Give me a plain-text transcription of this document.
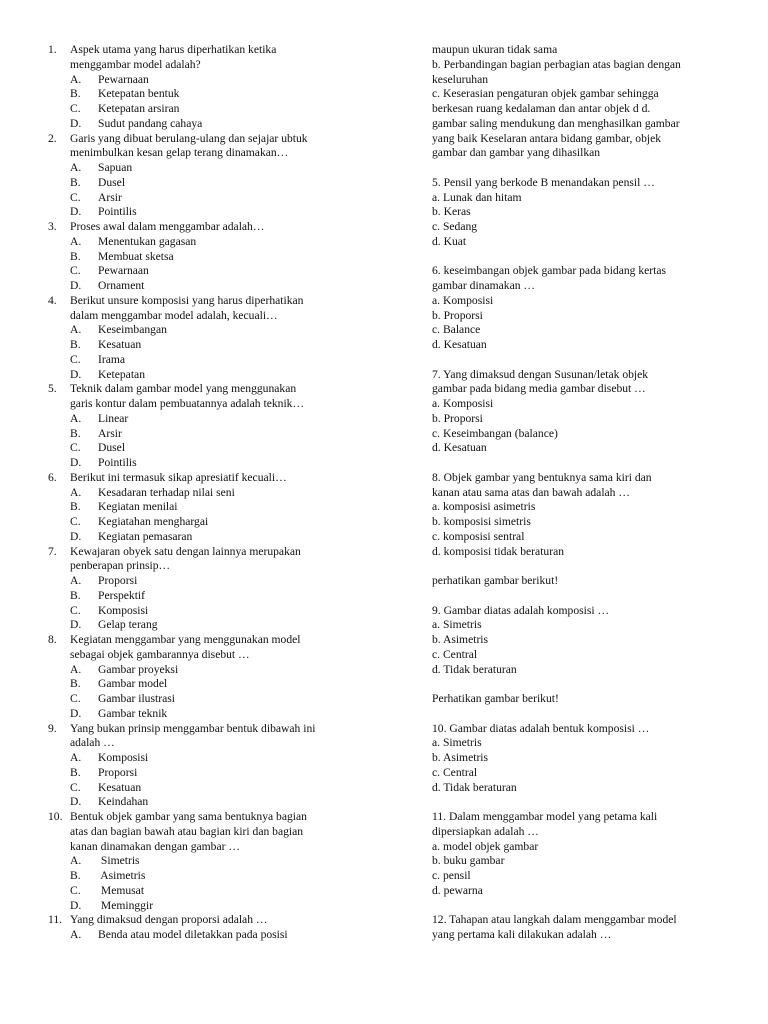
1.	Aspek utama yang harus diperhatikan ketika
menggambar model adalah?
A.	Pewarnaan
B.	Ketepatan bentuk
C.	Ketepatan arsiran
D.	Sudut pandang cahaya
2.	Garis yang dibuat berulang-ulang dan sejajar ubtuk
menimbulkan kesan gelap terang dinamakan…
A.	Sapuan
B.	Dusel
C.	Arsir
D.	Pointilis
3.	Proses awal dalam menggambar adalah…
A.	Menentukan gagasan
B.	Membuat sketsa
C.	Pewarnaan
D.	Ornament
4.	Berikut unsure komposisi yang harus diperhatikan
dalam menggambar model adalah, kecuali…
A.	Keseimbangan
B.	Kesatuan
C.	Irama
D.	Ketepatan
5.	Teknik dalam gambar model yang menggunakan
garis kontur dalam pembuatannya adalah teknik…
A.	Linear
B.	Arsir
C.	Dusel
D.	Pointilis
6.	Berikut ini termasuk sikap apresiatif kecuali…
A.	Kesadaran terhadap nilai seni
B.	Kegiatan menilai
C.	Kegiatahan menghargai
D.	Kegiatan pemasaran
7.	Kewajaran obyek satu dengan lainnya merupakan
penberapan prinsip…
A.	Proporsi
B.	Perspektif
C.	Komposisi
D.	Gelap terang
8.	Kegiatan menggambar yang menggunakan model
sebagai objek gambarannya disebut …
A.	Gambar proyeksi
B.	Gambar model
C.	Gambar ilustrasi
D.	Gambar teknik
9.	Yang bukan prinsip menggambar bentuk dibawah ini
adalah …
A.	Komposisi
B.	Proporsi
C.	Kesatuan
D.	Keindahan
10. Bentuk objek gambar yang sama bentuknya bagian
atas dan bagian bawah atau bagian kiri dan bagian
kanan dinamakan dengan gambar …
A.	Simetris
B.	Asimetris
C.	Memusat
D.	Meminggir
11. Yang dimaksud dengan proporsi adalah …
A.	Benda atau model diletakkan pada posisi
maupun ukuran tidak sama
b. Perbandingan bagian perbagian atas bagian dengan
keseluruhan
c. Keserasian pengaturan objek gambar sehingga
berkesan ruang kedalaman dan antar objek d d.
gambar saling mendukung dan menghasilkan gambar
yang baik Keselaran antara bidang gambar, objek
gambar dan gambar yang dihasilkan
5. Pensil yang berkode B menandakan pensil …
a. Lunak dan hitam
b. Keras
c. Sedang
d. Kuat
6. keseimbangan objek gambar pada bidang kertas
gambar dinamakan …
a. Komposisi
b. Proporsi
c. Balance
d. Kesatuan
7. Yang dimaksud dengan Susunan/letak objek
gambar pada bidang media gambar disebut …
a. Komposisi
b. Proporsi
c. Keseimbangan (balance)
d. Kesatuan
8. Objek gambar yang bentuknya sama kiri dan
kanan atau sama atas dan bawah adalah …
a. komposisi asimetris
b. komposisi simetris
c. komposisi sentral
d. komposisi tidak beraturan
perhatikan gambar berikut!
9. Gambar diatas adalah komposisi …
a. Simetris
b. Asimetris
c. Central
d. Tidak beraturan
Perhatikan gambar berikut!
10. Gambar diatas adalah bentuk komposisi …
a. Simetris
b. Asimetris
c. Central
d. Tidak beraturan
11. Dalam menggambar model yang petama kali
dipersiapkan adalah …
a. model objek gambar
b. buku gambar
c. pensil
d. pewarna
12. Tahapan atau langkah dalam menggambar model
yang pertama kali dilakukan adalah …
